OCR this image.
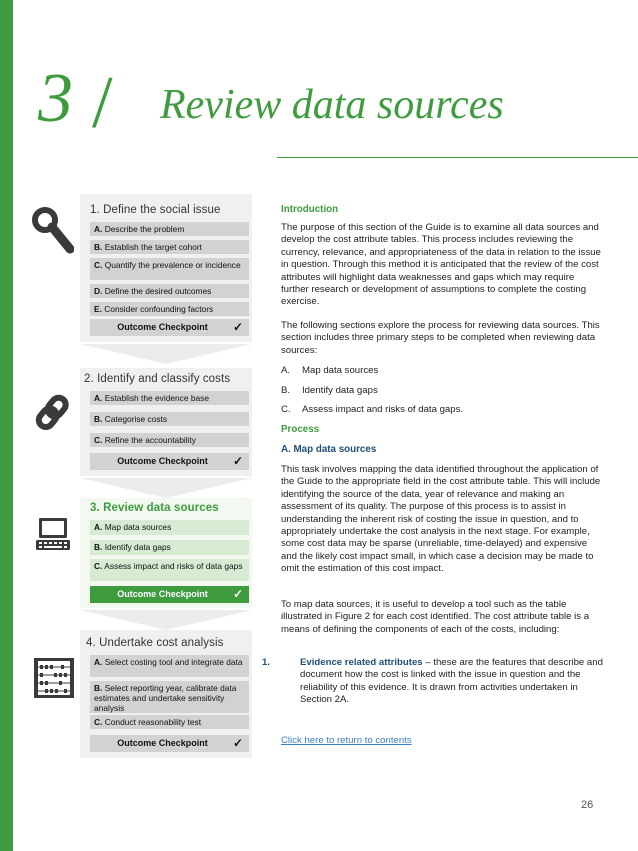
3 / Review data sources
1. Define the social issue
A. Describe the problem
B. Establish the target cohort
C. Quantify the prevalence or incidence
D. Define the desired outcomes
E. Consider confounding factors
Outcome Checkpoint ✓
2. Identify and classify costs
A. Establish the evidence base
B. Categorise costs
C. Refine the accountability
Outcome Checkpoint ✓
3. Review data sources
A. Map data sources
B. Identify data gaps
C. Assess impact and risks of data gaps
Outcome Checkpoint ✓
4. Undertake cost analysis
A. Select costing tool and integrate data
B. Select reporting year, calibrate data estimates and undertake sensitivity analysis
C. Conduct reasonability test
Outcome Checkpoint ✓
Introduction
The purpose of this section of the Guide is to examine all data sources and develop the cost attribute tables. This process includes reviewing the currency, relevance, and appropriateness of the data in relation to the issue in question. Through this method it is anticipated that the review of the cost attributes will highlight data weaknesses and gaps which may require further research or development of assumptions to complete the costing exercise.
The following sections explore the process for reviewing data sources. This section includes three primary steps to be completed when reviewing data sources:
A. Map data sources
B. Identify data gaps
C. Assess impact and risks of data gaps.
Process
A. Map data sources
This task involves mapping the data identified throughout the application of the Guide to the appropriate field in the cost attribute table. This will include identifying the source of the data, year of relevance and making an assessment of its quality. The purpose of this process is to assist in understanding the inherent risk of costing the issue in question, and to appropriately undertake the cost analysis in the next stage. For example, some cost data may be sparse (unreliable, time-delayed) and expensive and the likely cost impact small, in which case a decision may be made to omit the estimation of this cost impact.
To map data sources, it is useful to develop a tool such as the table illustrated in Figure 2 for each cost identified. The cost attribute table is a means of defining the components of each of the costs, including:
1.	Evidence related attributes – these are the features that describe and document how the cost is linked with the issue in question and the reliability of this evidence. It is drawn from activities undertaken in Section 2A.
Click here to return to contents
26
